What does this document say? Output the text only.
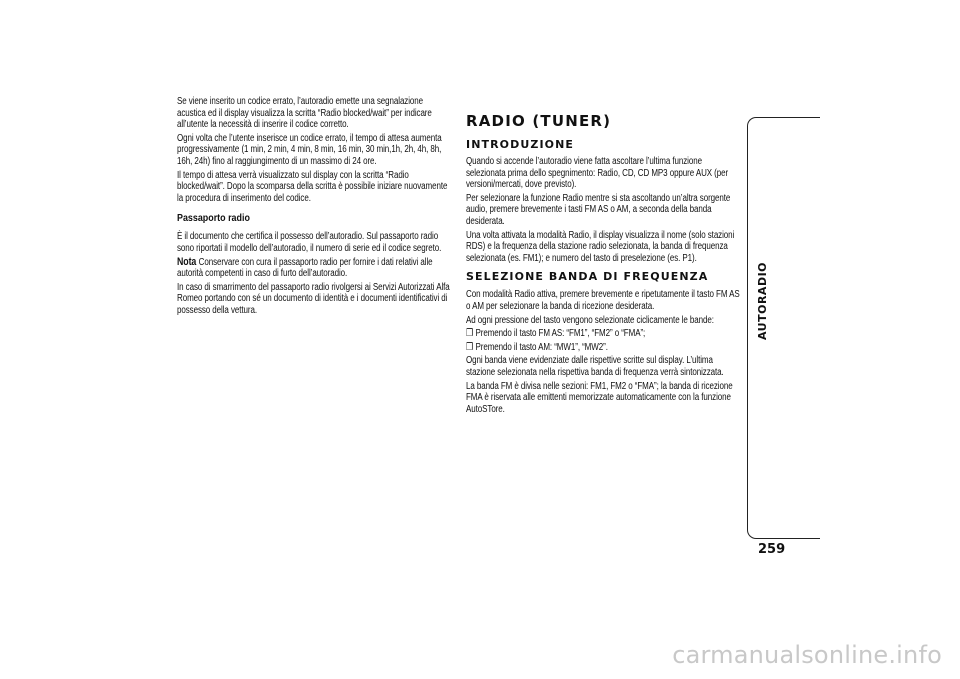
Se viene inserito un codice errato, l’autoradio emette una segnalazione acustica ed il display visualizza la scritta “Radio blocked/wait” per indicare all’utente la necessità di inserire il codice corretto.

Ogni volta che l’utente inserisce un codice errato, il tempo di attesa aumenta progressivamente (1 min, 2 min, 4 min, 8 min, 16 min, 30 min,1h, 2h, 4h, 8h, 16h, 24h) fino al raggiungimento di un massimo di 24 ore.

Il tempo di attesa verrà visualizzato sul display con la scritta “Radio blocked/wait”. Dopo la scomparsa della scritta è possibile iniziare nuovamente la procedura di inserimento del codice.

Passaporto radio

È il documento che certifica il possesso dell’autoradio. Sul passaporto radio sono riportati il modello dell’autoradio, il numero di serie ed il codice segreto.

Nota Conservare con cura il passaporto radio per fornire i dati relativi alle autorità competenti in caso di furto dell’autoradio.

In caso di smarrimento del passaporto radio rivolgersi ai Servizi Autorizzati Alfa Romeo portando con sé un documento di identità e i documenti identificativi di possesso della vettura.

RADIO (TUNER)
INTRODUZIONE

Quando si accende l’autoradio viene fatta ascoltare l’ultima funzione selezionata prima dello spegnimento: Radio, CD, CD MP3 oppure AUX (per versioni/mercati, dove previsto).

Per selezionare la funzione Radio mentre si sta ascoltando un’altra sorgente audio, premere brevemente i tasti FM AS o AM, a seconda della banda desiderata.

Una volta attivata la modalità Radio, il display visualizza il nome (solo stazioni RDS) e la frequenza della stazione radio selezionata, la banda di frequenza selezionata (es. FM1); e numero del tasto di preselezione (es. P1).

SELEZIONE BANDA DI FREQUENZA

Con modalità Radio attiva, premere brevemente e ripetutamente il tasto FM AS o AM per selezionare la banda di ricezione desiderata.

Ad ogni pressione del tasto vengono selezionate ciclicamente le bande:

❒ Premendo il tasto FM AS: “FM1”, “FM2” o “FMA”;

❒ Premendo il tasto AM: “MW1”, “MW2”.

Ogni banda viene evidenziate dalle rispettive scritte sul display. L’ultima stazione selezionata nella rispettiva banda di frequenza verrà sintonizzata.

La banda FM è divisa nelle sezioni: FM1, FM2 o “FMA”; la banda di ricezione FMA è riservata alle emittenti memorizzate automaticamente con la funzione AutoSTore.

AUTORADIO
259
carmanualsonline.info
